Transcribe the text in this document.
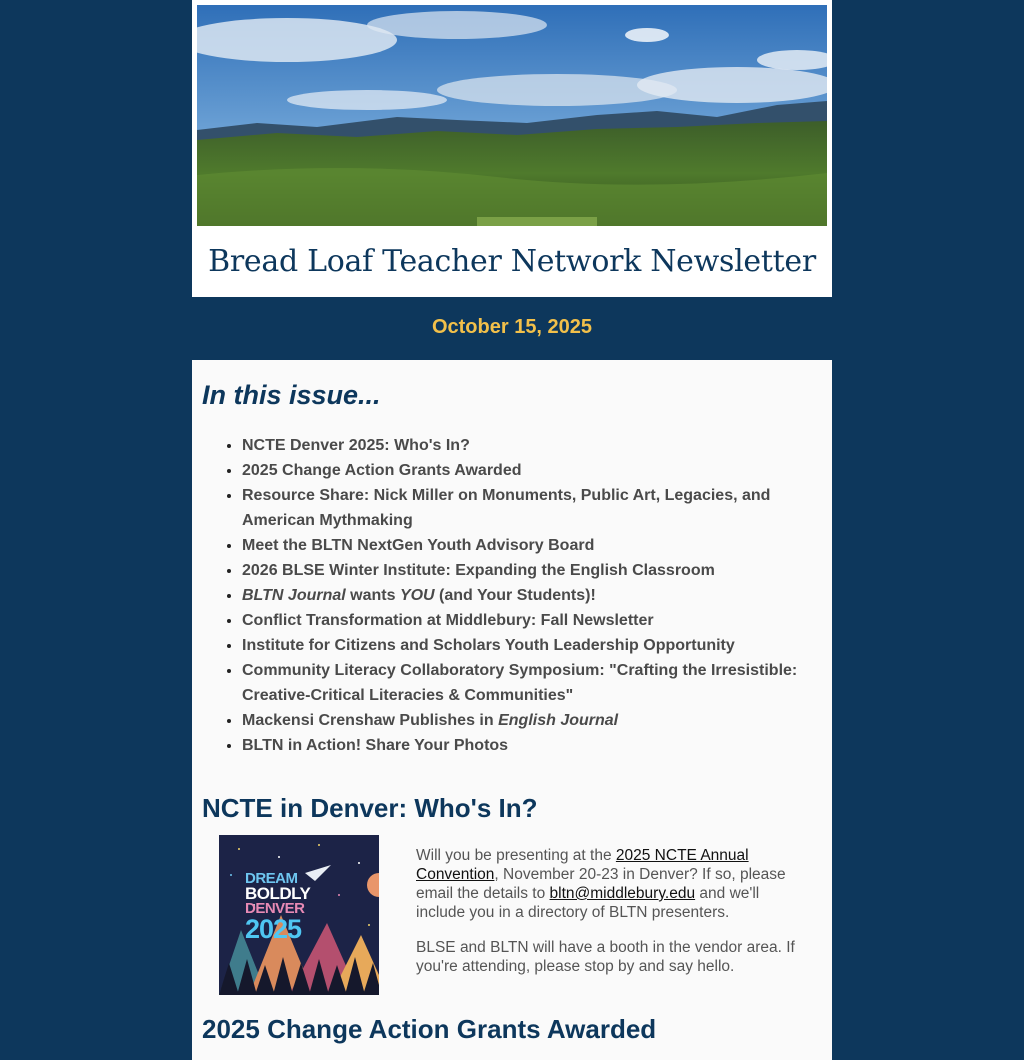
Bread Loaf Teacher Network Newsletter
October 15, 2025
In this issue...
• NCTE Denver 2025: Who's In?
• 2025 Change Action Grants Awarded
• Resource Share: Nick Miller on Monuments, Public Art, Legacies, and American Mythmaking
• Meet the BLTN NextGen Youth Advisory Board
• 2026 BLSE Winter Institute: Expanding the English Classroom
• BLTN Journal wants YOU (and Your Students)!
• Conflict Transformation at Middlebury: Fall Newsletter
• Institute for Citizens and Scholars Youth Leadership Opportunity
• Community Literacy Collaboratory Symposium: "Crafting the Irresistible: Creative-Critical Literacies & Communities"
• Mackensi Crenshaw Publishes in English Journal
• BLTN in Action! Share Your Photos
NCTE in Denver: Who's In?
DREAM
BOLDLY
DENVER
2025

Will you be presenting at the 2025 NCTE Annual Convention, November 20-23 in Denver? If so, please email the details to bltn@middlebury.edu and we'll include you in a directory of BLTN presenters.

BLSE and BLTN will have a booth in the vendor area. If you're attending, please stop by and say hello.

2025 Change Action Grants Awarded
